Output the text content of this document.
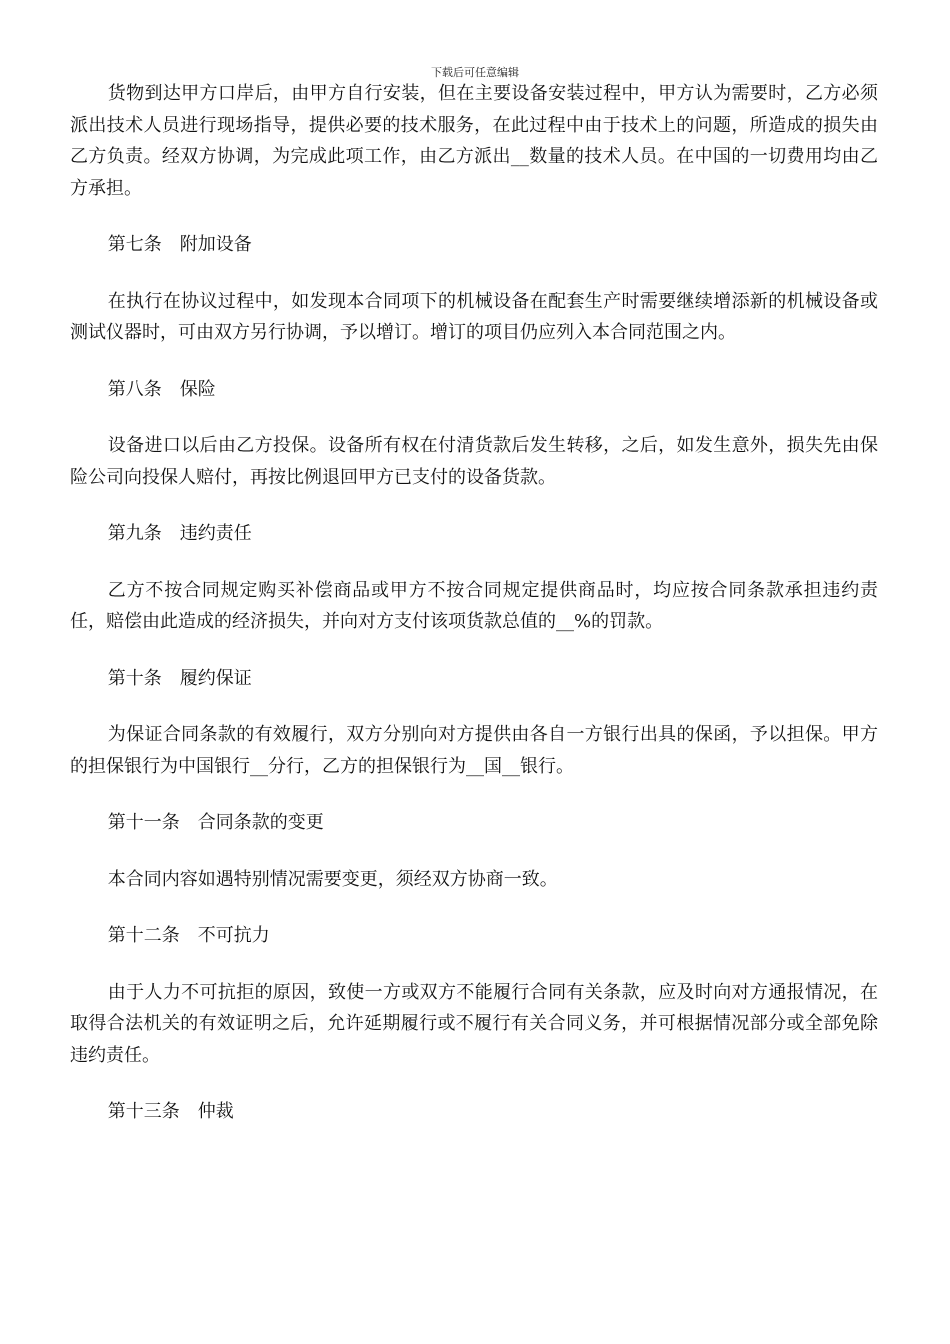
下载后可任意编辑

货物到达甲方口岸后，由甲方自行安装，但在主要设备安装过程中，甲方认为需要时，乙方必须派出技术人员进行现场指导，提供必要的技术服务，在此过程中由于技术上的问题，所造成的损失由乙方负责。经双方协调，为完成此项工作，由乙方派出__数量的技术人员。在中国的一切费用均由乙方承担。

第七条　附加设备

在执行在协议过程中，如发现本合同项下的机械设备在配套生产时需要继续增添新的机械设备或测试仪器时，可由双方另行协调，予以增订。增订的项目仍应列入本合同范围之内。

第八条　保险

设备进口以后由乙方投保。设备所有权在付清货款后发生转移，之后，如发生意外，损失先由保险公司向投保人赔付，再按比例退回甲方已支付的设备货款。

第九条　违约责任

乙方不按合同规定购买补偿商品或甲方不按合同规定提供商品时，均应按合同条款承担违约责任，赔偿由此造成的经济损失，并向对方支付该项货款总值的__%的罚款。

第十条　履约保证

为保证合同条款的有效履行，双方分别向对方提供由各自一方银行出具的保函，予以担保。甲方的担保银行为中国银行__分行，乙方的担保银行为__国__银行。

第十一条　合同条款的变更

本合同内容如遇特别情况需要变更，须经双方协商一致。

第十二条　不可抗力

由于人力不可抗拒的原因，致使一方或双方不能履行合同有关条款，应及时向对方通报情况，在取得合法机关的有效证明之后，允许延期履行或不履行有关合同义务，并可根据情况部分或全部免除违约责任。

第十三条　仲裁
